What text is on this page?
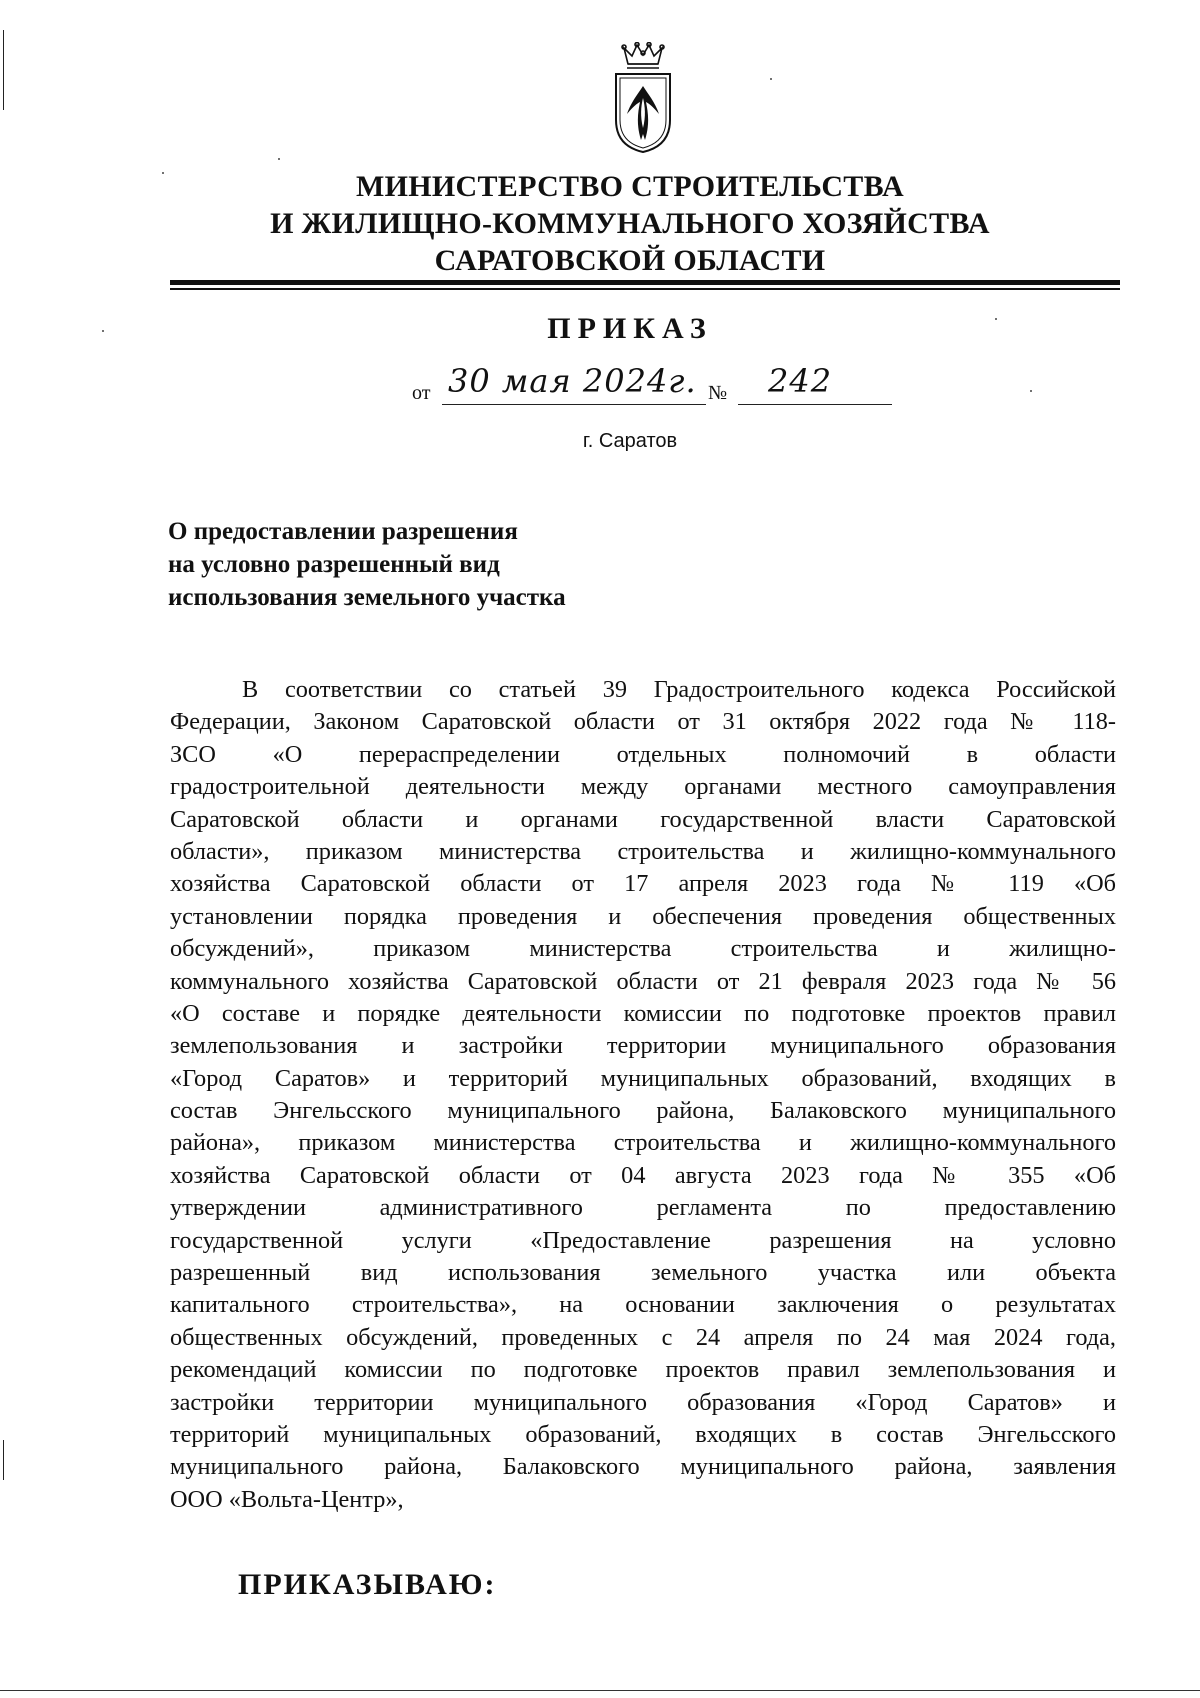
МИНИСТЕРСТВО СТРОИТЕЛЬСТВА
И ЖИЛИЩНО-КОММУНАЛЬНОГО ХОЗЯЙСТВА
САРАТОВСКОЙ ОБЛАСТИ
ПРИКАЗ
от 30 мая 2024г. № 242
г. Саратов
О предоставлении разрешения
на условно разрешенный вид
использования земельного участка
В соответствии со статьей 39 Градостроительного кодекса Российской
Федерации, Законом Саратовской области от 31 октября 2022 года № 118-
ЗСО «О перераспределении отдельных полномочий в области
градостроительной деятельности между органами местного самоуправления
Саратовской области и органами государственной власти Саратовской
области», приказом министерства строительства и жилищно-коммунального
хозяйства Саратовской области от 17 апреля 2023 года № 119 «Об
установлении порядка проведения и обеспечения проведения общественных
обсуждений», приказом министерства строительства и жилищно-
коммунального хозяйства Саратовской области от 21 февраля 2023 года № 56
«О составе и порядке деятельности комиссии по подготовке проектов правил
землепользования и застройки территории муниципального образования
«Город Саратов» и территорий муниципальных образований, входящих в
состав Энгельсского муниципального района, Балаковского муниципального
района», приказом министерства строительства и жилищно-коммунального
хозяйства Саратовской области от 04 августа 2023 года № 355 «Об
утверждении административного регламента по предоставлению
государственной услуги «Предоставление разрешения на условно
разрешенный вид использования земельного участка или объекта
капитального строительства», на основании заключения о результатах
общественных обсуждений, проведенных с 24 апреля по 24 мая 2024 года,
рекомендаций комиссии по подготовке проектов правил землепользования и
застройки территории муниципального образования «Город Саратов» и
территорий муниципальных образований, входящих в состав Энгельсского
муниципального района, Балаковского муниципального района, заявления
ООО «Вольта-Центр»,
ПРИКАЗЫВАЮ:
